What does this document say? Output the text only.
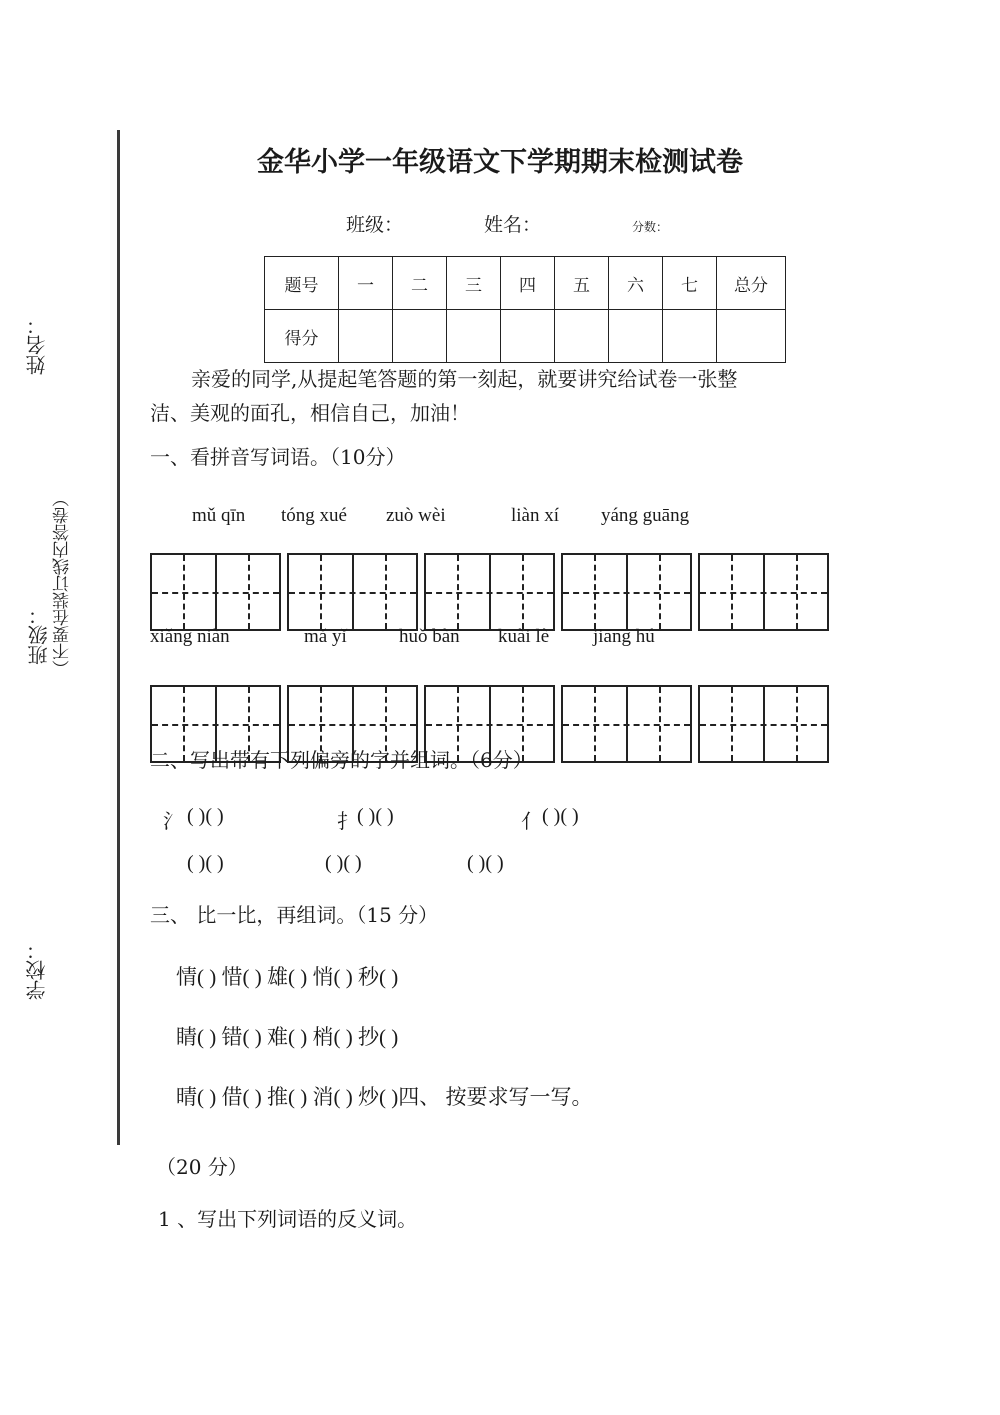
姓名：
班级： （不要在装订线内答卷）
学校：
金华小学一年级语文下学期期末检测试卷
班级：	姓名：	分数：
题号	一	二	三	四	五	六	七	总分
得分								
亲爱的同学,从提起笔答题的第一刻起，就要讲究给试卷一张整
洁、美观的面孔，相信自己，加油！
一、看拼音写词语。（10分）
mǔ qīn tóng xué zuò wèi	liàn xí yáng guāng
xiǎng niàn	mǎ yǐ	huǒ bàn kuài lè jiāng hú
二、写出带有下列偏旁的字并组词。（6分）
氵 ( )( )	扌 ( )( )	亻 ( )( )
( )( )	( )( )	( )( )
三、 比一比，再组词。（15 分）
情( ) 惜( ) 雄( ) 悄( ) 秒( )
睛( ) 错( ) 难( ) 梢( ) 抄( )
晴( ) 借( ) 推( ) 消( ) 炒( )四、 按要求写一写。
（20 分）
1 、写出下列词语的反义词。
